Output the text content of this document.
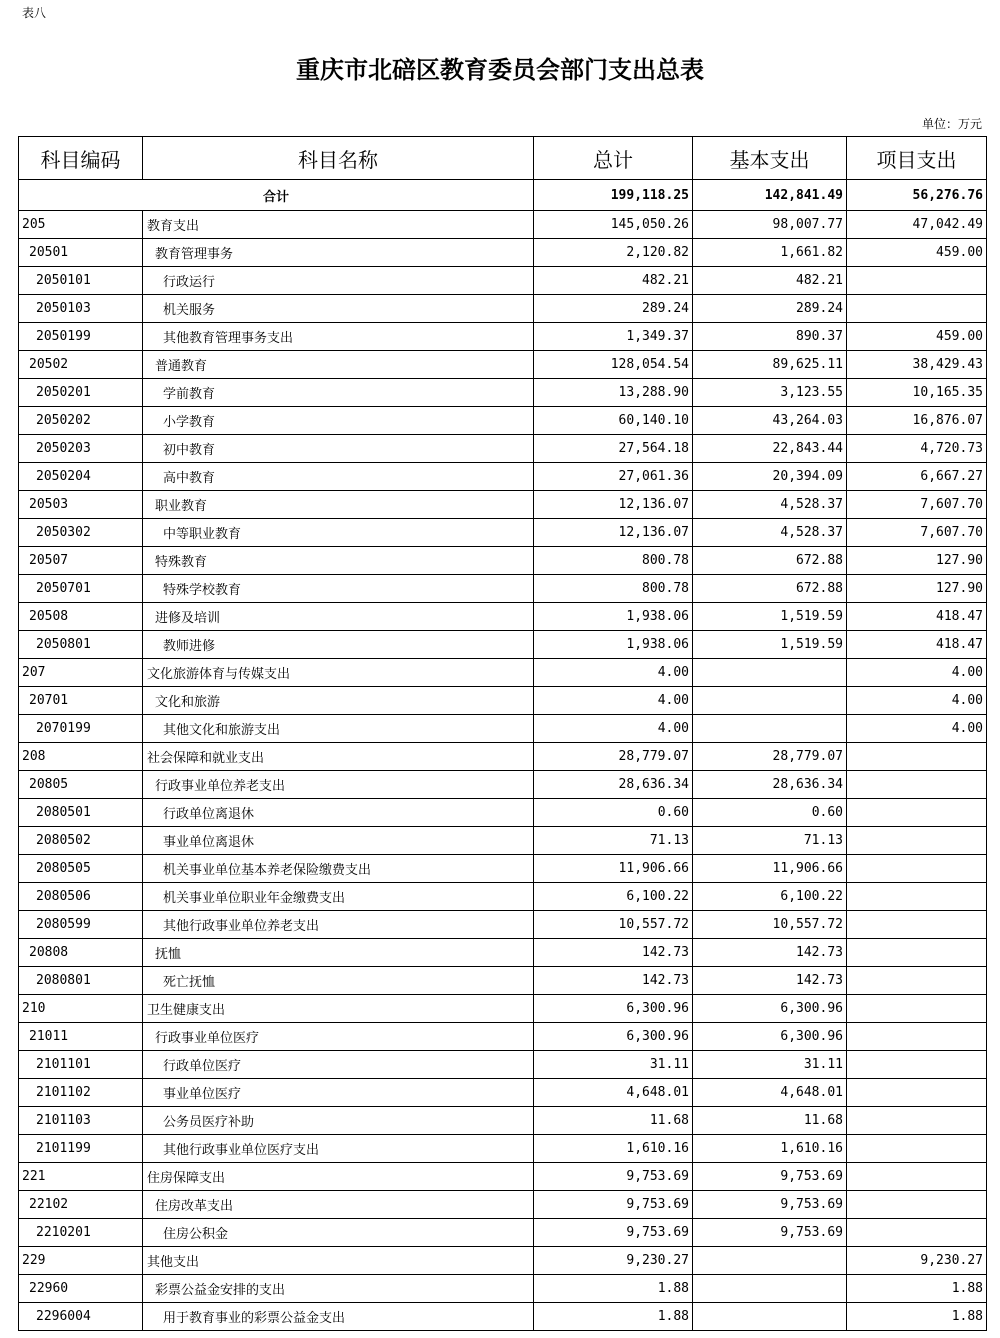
表八
重庆市北碚区教育委员会部门支出总表
单位：万元
科目编码	科目名称	总计	基本支出	项目支出
合计		199,118.25	142,841.49	56,276.76
205	教育支出	145,050.26	98,007.77	47,042.49
20501	教育管理事务	2,120.82	1,661.82	459.00
2050101	行政运行	482.21	482.21	
2050103	机关服务	289.24	289.24	
2050199	其他教育管理事务支出	1,349.37	890.37	459.00
20502	普通教育	128,054.54	89,625.11	38,429.43
2050201	学前教育	13,288.90	3,123.55	10,165.35
2050202	小学教育	60,140.10	43,264.03	16,876.07
2050203	初中教育	27,564.18	22,843.44	4,720.73
2050204	高中教育	27,061.36	20,394.09	6,667.27
20503	职业教育	12,136.07	4,528.37	7,607.70
2050302	中等职业教育	12,136.07	4,528.37	7,607.70
20507	特殊教育	800.78	672.88	127.90
2050701	特殊学校教育	800.78	672.88	127.90
20508	进修及培训	1,938.06	1,519.59	418.47
2050801	教师进修	1,938.06	1,519.59	418.47
207	文化旅游体育与传媒支出	4.00		4.00
20701	文化和旅游	4.00		4.00
2070199	其他文化和旅游支出	4.00		4.00
208	社会保障和就业支出	28,779.07	28,779.07	
20805	行政事业单位养老支出	28,636.34	28,636.34	
2080501	行政单位离退休	0.60	0.60	
2080502	事业单位离退休	71.13	71.13	
2080505	机关事业单位基本养老保险缴费支出	11,906.66	11,906.66	
2080506	机关事业单位职业年金缴费支出	6,100.22	6,100.22	
2080599	其他行政事业单位养老支出	10,557.72	10,557.72	
20808	抚恤	142.73	142.73	
2080801	死亡抚恤	142.73	142.73	
210	卫生健康支出	6,300.96	6,300.96	
21011	行政事业单位医疗	6,300.96	6,300.96	
2101101	行政单位医疗	31.11	31.11	
2101102	事业单位医疗	4,648.01	4,648.01	
2101103	公务员医疗补助	11.68	11.68	
2101199	其他行政事业单位医疗支出	1,610.16	1,610.16	
221	住房保障支出	9,753.69	9,753.69	
22102	住房改革支出	9,753.69	9,753.69	
2210201	住房公积金	9,753.69	9,753.69	
229	其他支出	9,230.27		9,230.27
22960	彩票公益金安排的支出	1.88		1.88
2296004	用于教育事业的彩票公益金支出	1.88		1.88
